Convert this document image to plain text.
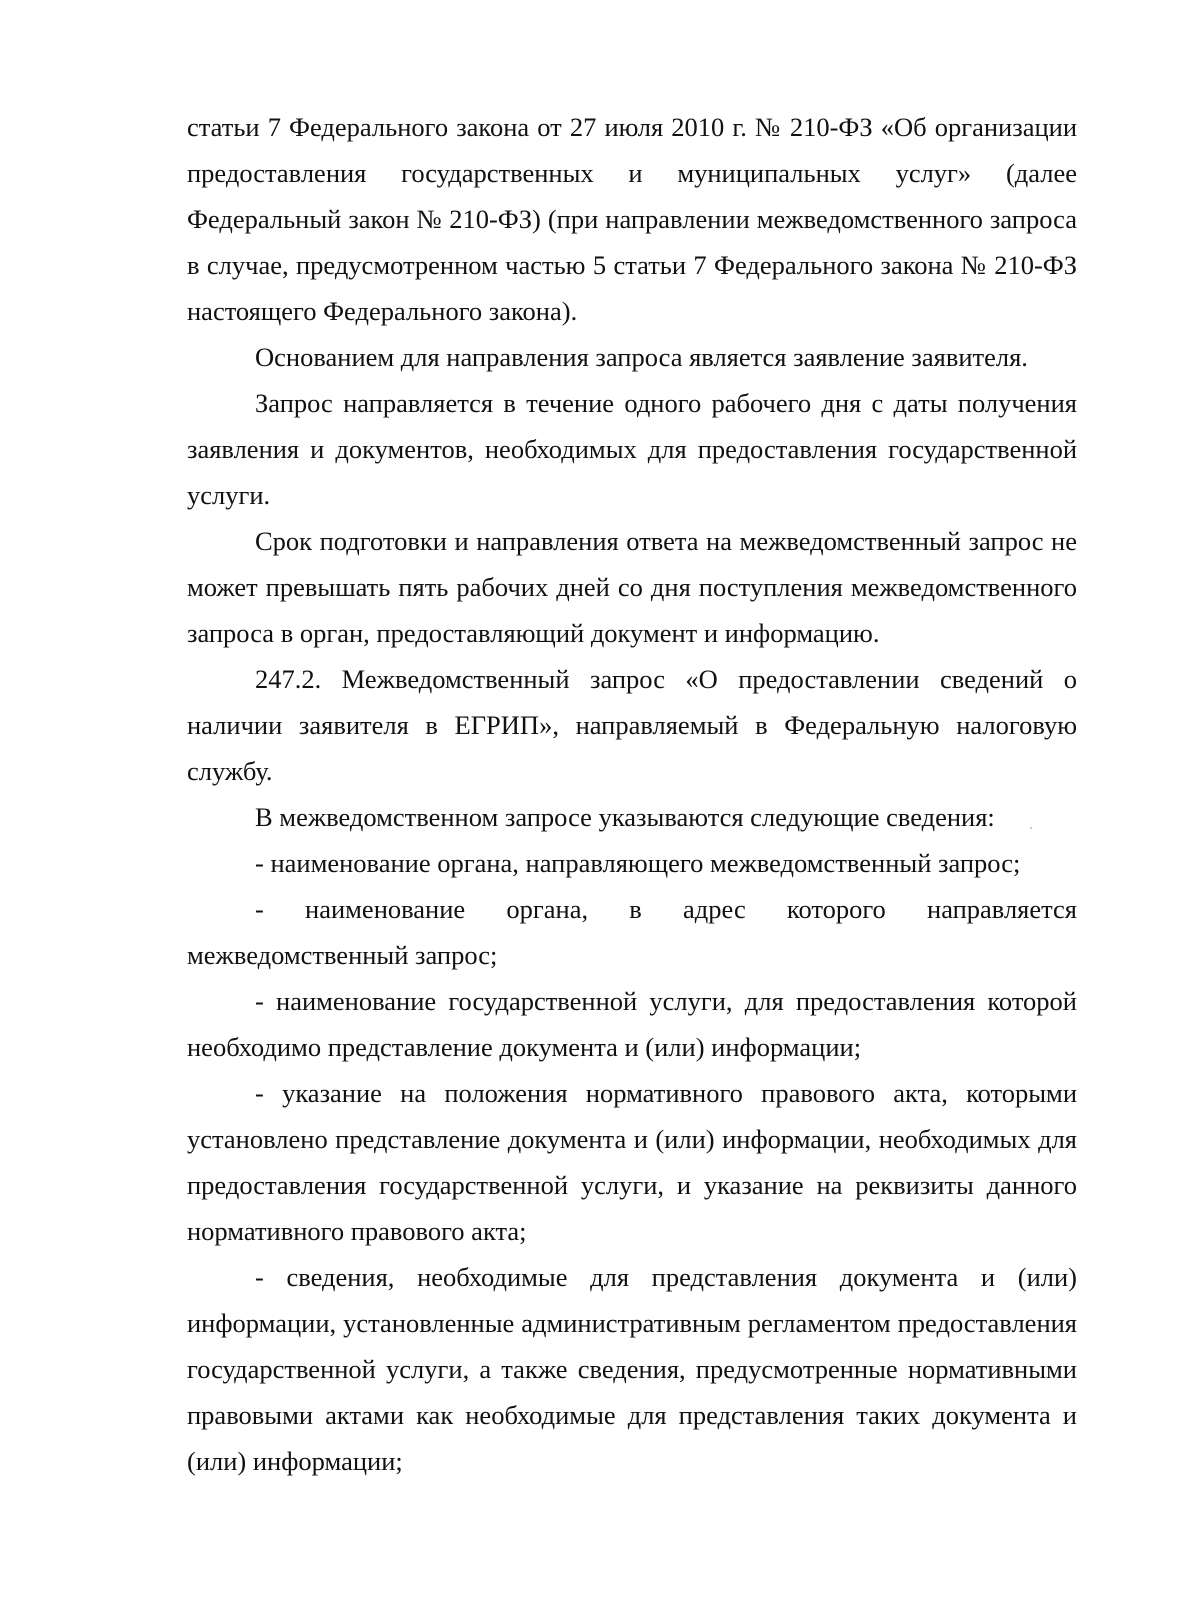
статьи 7 Федерального закона от 27 июля 2010 г. № 210-ФЗ «Об организации предоставления государственных и муниципальных услуг» (далее Федеральный закон № 210-ФЗ) (при направлении межведомственного запроса в случае, предусмотренном частью 5 статьи 7 Федерального закона № 210-ФЗ настоящего Федерального закона).

Основанием для направления запроса является заявление заявителя.

Запрос направляется в течение одного рабочего дня с даты получения заявления и документов, необходимых для предоставления государственной услуги.

Срок подготовки и направления ответа на межведомственный запрос не может превышать пять рабочих дней со дня поступления межведомственного запроса в орган, предоставляющий документ и информацию.

247.2. Межведомственный запрос «О предоставлении сведений о наличии заявителя в ЕГРИП», направляемый в Федеральную налоговую службу.

В межведомственном запросе указываются следующие сведения:

- наименование органа, направляющего межведомственный запрос;

- наименование органа, в адрес которого направляется межведомственный запрос;

- наименование государственной услуги, для предоставления которой необходимо представление документа и (или) информации;

- указание на положения нормативного правового акта, которыми установлено представление документа и (или) информации, необходимых для предоставления государственной услуги, и указание на реквизиты данного нормативного правового акта;

- сведения, необходимые для представления документа и (или) информации, установленные административным регламентом предоставления государственной услуги, а также сведения, предусмотренные нормативными правовыми актами как необходимые для представления таких документа и (или) информации;
